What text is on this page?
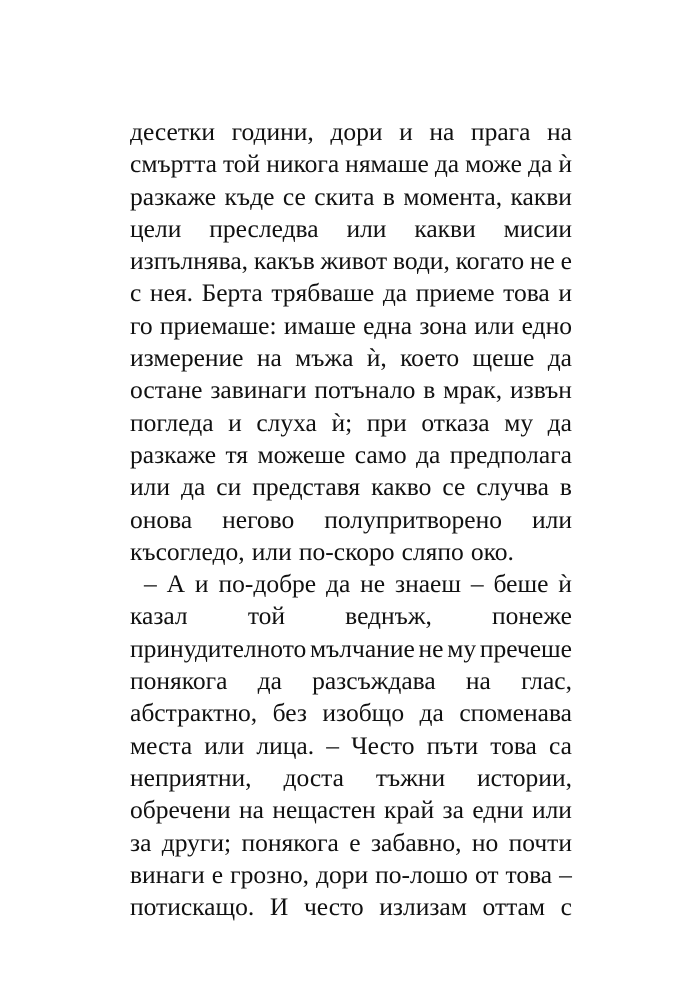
десетки години, дори и на прага на
смъртта той никога нямаше да може да ѝ
разкаже къде се скита в момента, какви
цели преследва или какви мисии
изпълнява, какъв живот води, когато не е
с нея. Берта трябваше да приеме това и
го приемаше: имаше една зона или едно
измерение на мъжа ѝ, което щеше да
остане завинаги потънало в мрак, извън
погледа и слуха ѝ; при отказа му да
разкаже тя можеше само да предполага
или да си представя какво се случва в
онова негово полупритворено или
късогледо, или по-скоро сляпо око.
– А и по-добре да не знаеш – беше ѝ
казал той веднъж, понеже
принудителното мълчание не му пречеше
понякога да разсъждава на глас,
абстрактно, без изобщо да споменава
места или лица. – Често пъти това са
неприятни, доста тъжни истории,
обречени на нещастен край за едни или
за други; понякога е забавно, но почти
винаги е грозно, дори по-лошо от това –
потискащо. И често излизам оттам с
